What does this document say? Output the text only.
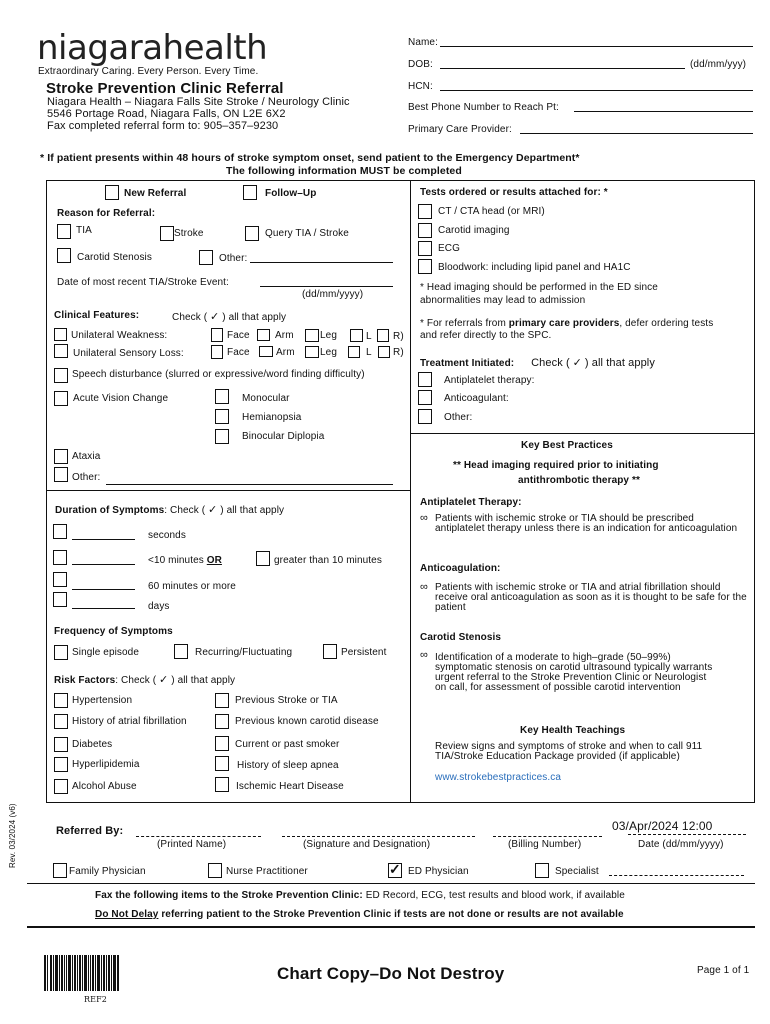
niagarahealth
Extraordinary Caring. Every Person. Every Time.
Stroke Prevention Clinic Referral
Niagara Health – Niagara Falls Site Stroke / Neurology Clinic
5546 Portage Road, Niagara Falls, ON L2E 6X2
Fax completed referral form to: 905–357–9230
Name:
DOB:	(dd/mm/yyy)
HCN:
Best Phone Number to Reach Pt:
Primary Care Provider:
* If patient presents within 48 hours of stroke symptom onset, send patient to the Emergency Department*
The following information MUST be completed
New Referral	Follow–Up
Reason for Referral:
TIA	Stroke	Query TIA / Stroke
Carotid Stenosis	Other:
Date of most recent TIA/Stroke Event:
(dd/mm/yyyy)
Clinical Features:	Check ( ✓ ) all that apply
Unilateral Weakness:	Face	Arm	Leg	L R)
Unilateral Sensory Loss:	Face	Arm	Leg	L R)
Speech disturbance (slurred or expressive/word finding difficulty)
Acute Vision Change	Monocular
Hemianopsia
Binocular Diplopia
Ataxia
Other:
Duration of Symptoms: Check ( ✓ ) all that apply
seconds
<10 minutes OR	greater than 10 minutes
60 minutes or more
days
Frequency of Symptoms
Single episode	Recurring/Fluctuating	Persistent
Risk Factors: Check ( ✓ ) all that apply
Hypertension	Previous Stroke or TIA
History of atrial fibrillation	Previous known carotid disease
Diabetes	Current or past smoker
Hyperlipidemia	History of sleep apnea
Alcohol Abuse	Ischemic Heart Disease
Tests ordered or results attached for: *
CT / CTA head (or MRI)
Carotid imaging
ECG
Bloodwork: including lipid panel and HA1C
* Head imaging should be performed in the ED since abnormalities may lead to admission
* For referrals from primary care providers, defer ordering tests and refer directly to the SPC.
Treatment Initiated: Check ( ✓ ) all that apply
Antiplatelet therapy:
Anticoagulant:
Other:
Key Best Practices
** Head imaging required prior to initiating
antithrombotic therapy **
Antiplatelet Therapy:
∞ Patients with ischemic stroke or TIA should be prescribed antiplatelet therapy unless there is an indication for anticoagulation
Anticoagulation:
∞ Patients with ischemic stroke or TIA and atrial fibrillation should receive oral anticoagulation as soon as it is thought to be safe for the patient
Carotid Stenosis
∞ Identification of a moderate to high–grade (50–99%) symptomatic stenosis on carotid ultrasound typically warrants urgent referral to the Stroke Prevention Clinic or Neurologist on call, for assessment of possible carotid intervention
Key Health Teachings
Review signs and symptoms of stroke and when to call 911 TIA/Stroke Education Package provided (if applicable)
www.strokebestpractices.ca
Rev. 03/2024 (v6)	Referred By:
(Printed Name)	(Signature and Designation)	(Billing Number)
03/Apr/2024 12:00
Date (dd/mm/yyyy)
Family Physician	Nurse Practitioner	✓ ED Physician	Specialist
Fax the following items to the Stroke Prevention Clinic: ED Record, ECG, test results and blood work, if available
Do Not Delay referring patient to the Stroke Prevention Clinic if tests are not done or results are not available
REF2
Chart Copy–Do Not Destroy	Page 1 of 1
